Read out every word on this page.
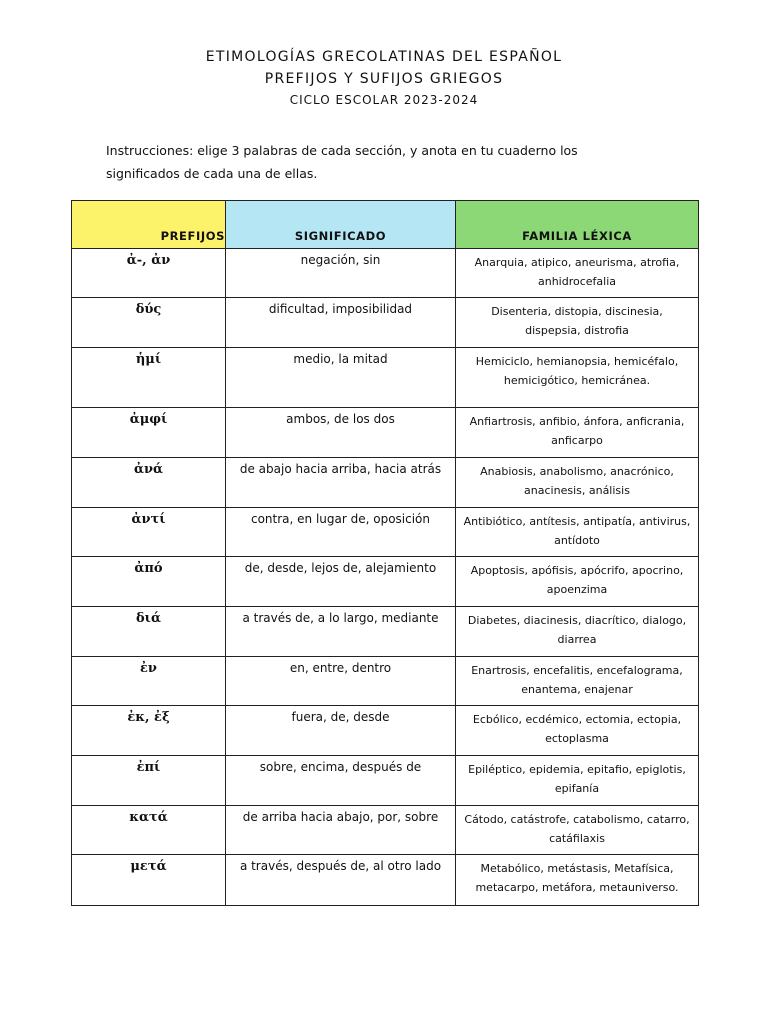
ETIMOLOGÍAS GRECOLATINAS DEL ESPAÑOL
PREFIJOS Y SUFIJOS GRIEGOS
CICLO ESCOLAR 2023-2024
Instrucciones: elige 3 palabras de cada sección, y anota en tu cuaderno los
significados de cada una de ellas.
PREFIJOS	SIGNIFICADO	FAMILIA LÉXICA
ἀ-, ἀν	negación, sin	Anarquia, atipico, aneurisma, atrofia, anhidrocefalia
δύς	dificultad, imposibilidad	Disenteria, distopia, discinesia, dispepsia, distrofia
ἡμί	medio, la mitad	Hemiciclo, hemianopsia, hemicéfalo, hemicigótico, hemicránea.
ἀμφί	ambos, de los dos	Anfiartrosis, anfibio, ánfora, anficrania, anficarpo
ἀνά	de abajo hacia arriba, hacia atrás	Anabiosis, anabolismo, anacrónico, anacinesis, análisis
ἀντί	contra, en lugar de, oposición	Antibiótico, antítesis, antipatía, antivirus, antídoto
ἀπό	de, desde, lejos de, alejamiento	Apoptosis, apófisis, apócrifo, apocrino, apoenzima
διά	a través de, a lo largo, mediante	Diabetes, diacinesis, diacrítico, dialogo, diarrea
ἐν	en, entre, dentro	Enartrosis, encefalitis, encefalograma, enantema, enajenar
ἐκ, ἐξ	fuera, de, desde	Ecbólico, ecdémico, ectomia, ectopia, ectoplasma
ἐπί	sobre, encima, después de	Epiléptico, epidemia, epitafio, epiglotis, epifanía
κατά	de arriba hacia abajo, por, sobre	Cátodo, catástrofe, catabolismo, catarro, catáfilaxis
μετά	a través, después de, al otro lado	Metabólico, metástasis, Metafísica, metacarpo, metáfora, metauniverso.
